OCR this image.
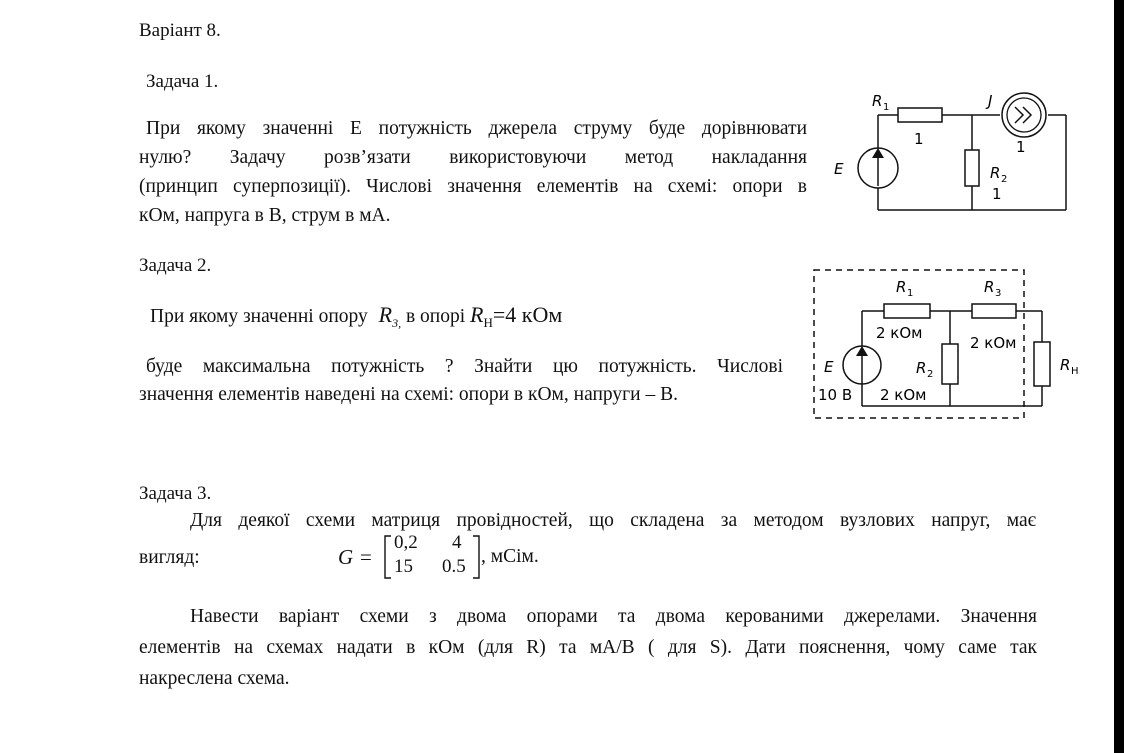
Варіант 8.
Задача 1.
При якому значенні Е потужність джерела струму буде дорівнювати
нулю? Задачу розв’язати використовуючи метод накладання
(принцип суперпозиції). Числові значення елементів на схемі: опори в
кОм, напруга в В, струм в мА.
R 1
1
E	R 2
1
J
1
Задача 2.
При якому значенні опору $R_{3,}$ в опорі $R_Н=4$ кОм
буде максимальна потужність ? Знайти цю потужність. Числові
значення елементів наведені на схемі: опори в кОм, напруги – В.
R 1
2 кОм
R 3
2 кОм
R 2
2 кОм
E
10 В
R Н
Задача 3.
Для деякої схеми матриця провідностей, що складена за методом вузлових напруг, має
вигляд:	G =
0,2 4
15 0.5 , мСім.
Навести варіант схеми з двома опорами та двома керованими джерелами. Значення
елементів на схемах надати в кОм (для R) та мА/В ( для S). Дати пояснення, чому саме так
накреслена схема.
